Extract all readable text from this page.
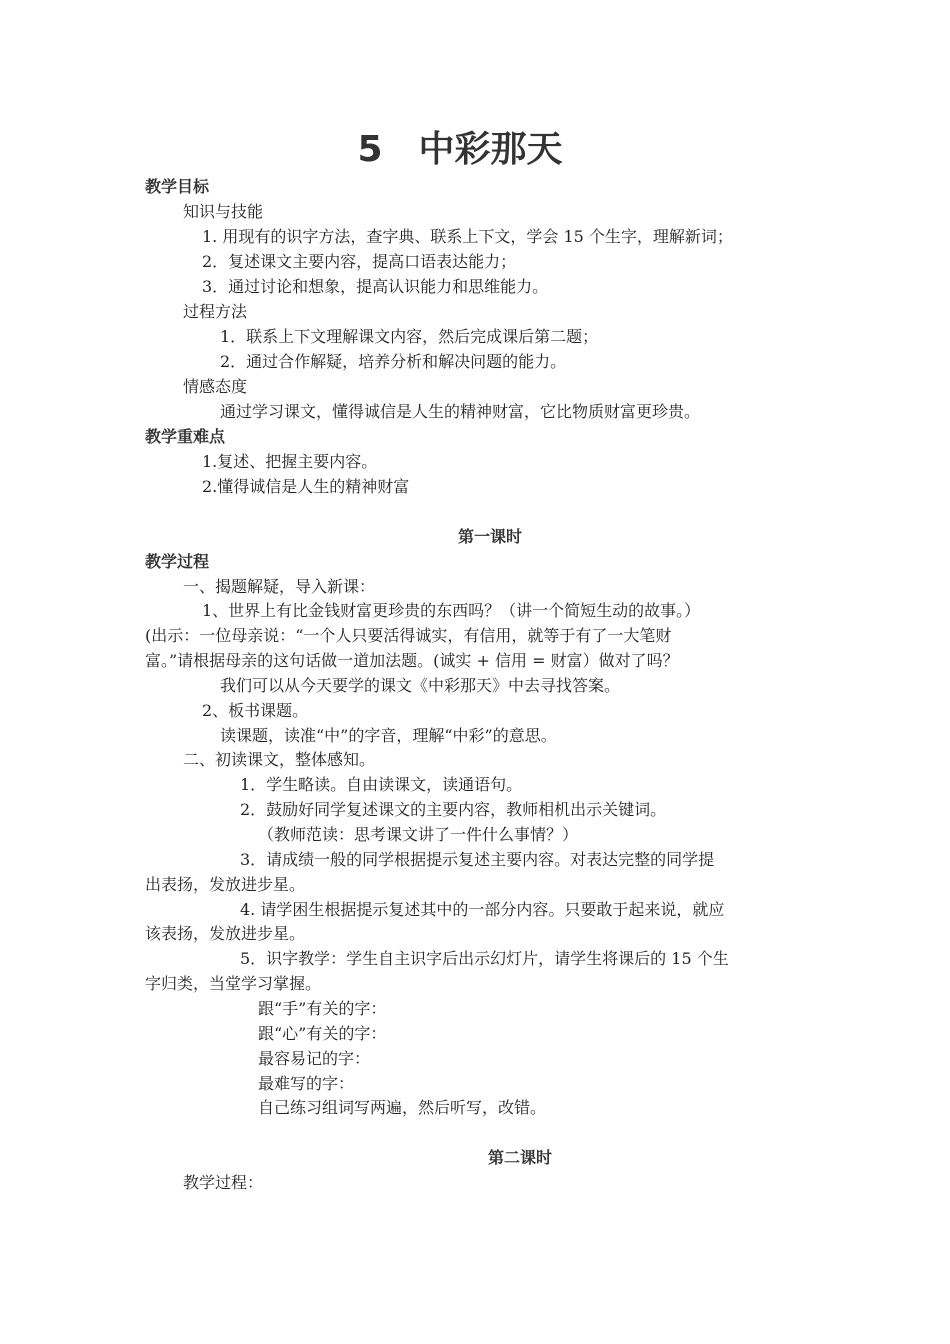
5　中彩那天
教学目标
知识与技能
1. 用现有的识字方法，查字典、联系上下文，学会 15 个生字，理解新词；
2．复述课文主要内容，提高口语表达能力；
3．通过讨论和想象，提高认识能力和思维能力。
过程方法
1．联系上下文理解课文内容，然后完成课后第二题；
2．通过合作解疑，培养分析和解决问题的能力。
情感态度
通过学习课文，懂得诚信是人生的精神财富，它比物质财富更珍贵。
教学重难点
1.复述、把握主要内容。
2.懂得诚信是人生的精神财富
第一课时
教学过程
一、揭题解疑，导入新课：
1、世界上有比金钱财富更珍贵的东西吗？（讲一个简短生动的故事。）
(出示：一位母亲说：“一个人只要活得诚实，有信用，就等于有了一大笔财
富。”请根据母亲的这句话做一道加法题。(诚实 + 信用 = 财富）做对了吗？
我们可以从今天要学的课文《中彩那天》中去寻找答案。
2、板书课题。
读课题，读准“中”的字音，理解“中彩”的意思。
二、初读课文，整体感知。
1．学生略读。自由读课文，读通语句。
2．鼓励好同学复述课文的主要内容，教师相机出示关键词。
（教师范读：思考课文讲了一件什么事情？）
3．请成绩一般的同学根据提示复述主要内容。对表达完整的同学提
出表扬，发放进步星。
4. 请学困生根据提示复述其中的一部分内容。只要敢于起来说，就应
该表扬，发放进步星。
5．识字教学：学生自主识字后出示幻灯片，请学生将课后的 15 个生
字归类，当堂学习掌握。
跟“手”有关的字：
跟“心”有关的字：
最容易记的字：
最难写的字：
自己练习组词写两遍，然后听写，改错。
第二课时
教学过程：
